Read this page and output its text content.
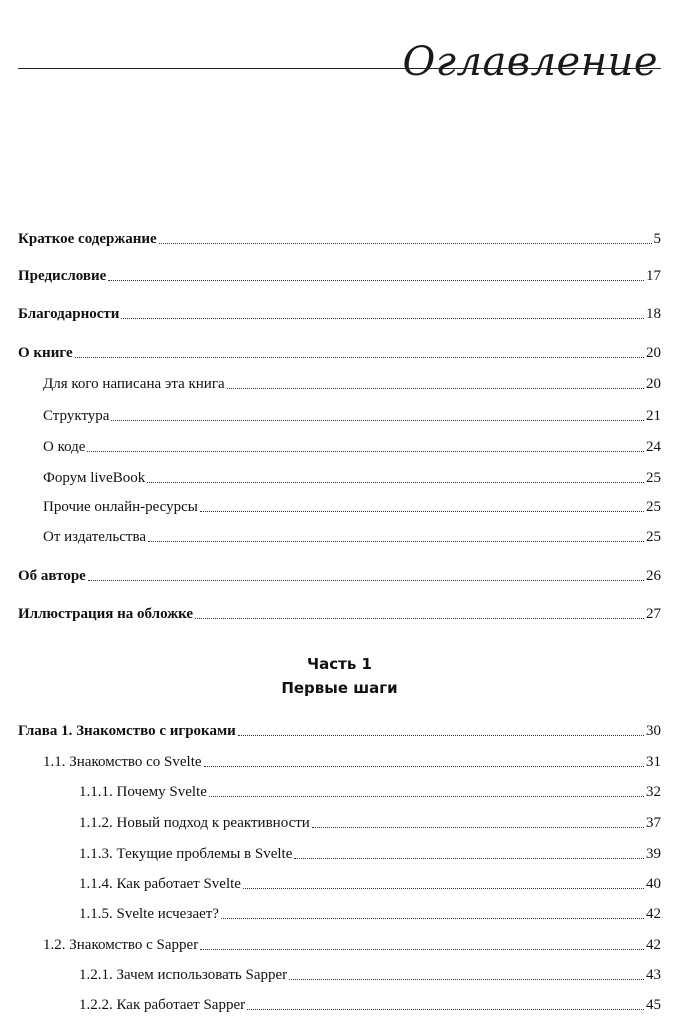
Оглавление
Краткое содержание	5
Предисловие	17
Благодарности	18
О книге	20
Для кого написана эта книга	20
Структура	21
О коде	24
Форум liveBook	25
Прочие онлайн-ресурсы	25
От издательства	25
Об авторе	26
Иллюстрация на обложке	27
Часть 1
Первые шаги
Глава 1. Знакомство с игроками	30
1.1. Знакомство со Svelte	31
1.1.1. Почему Svelte	32
1.1.2. Новый подход к реактивности	37
1.1.3. Текущие проблемы в Svelte	39
1.1.4. Как работает Svelte	40
1.1.5. Svelte исчезает?	42
1.2. Знакомство с Sapper	42
1.2.1. Зачем использовать Sapper	43
1.2.2. Как работает Sapper	45
